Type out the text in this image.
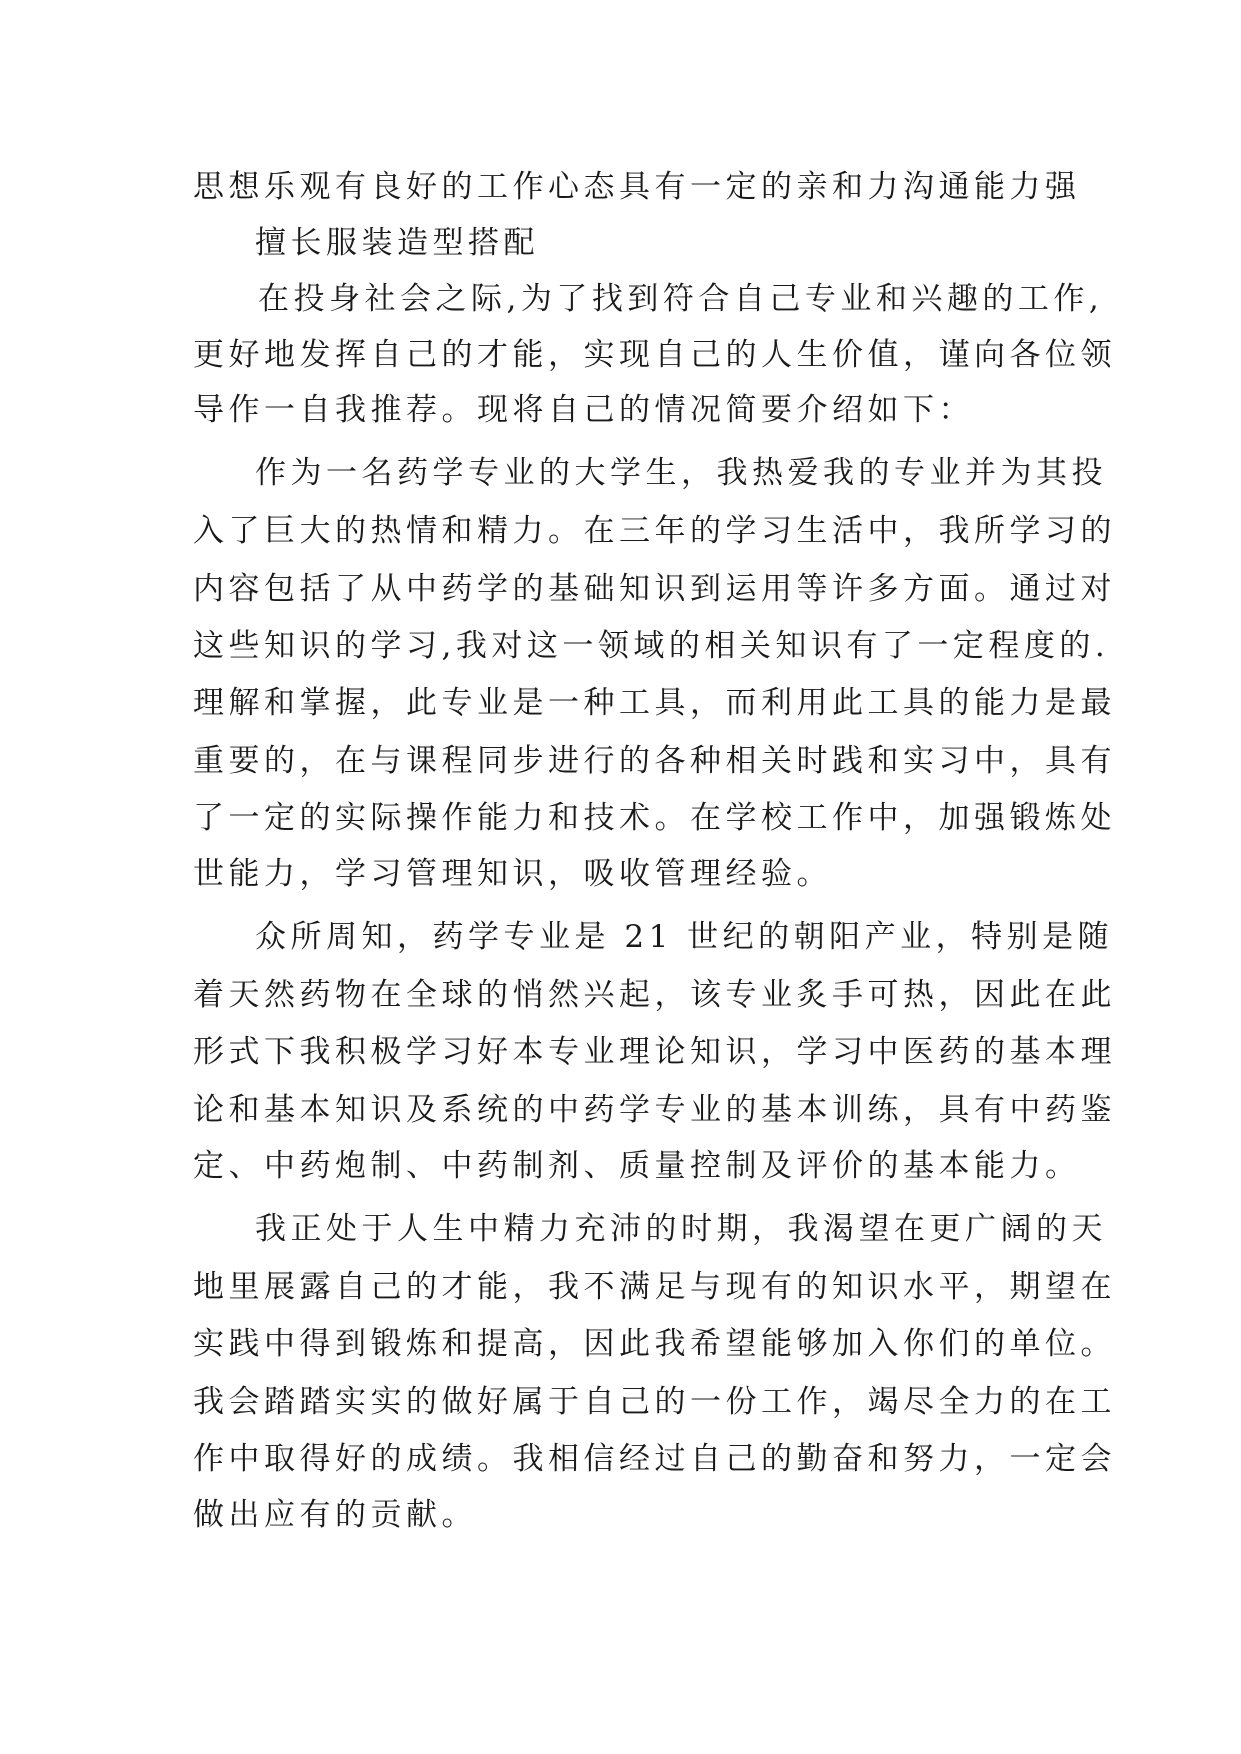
思想乐观有良好的工作心态具有一定的亲和力沟通能力强
擅长服装造型搭配
在投身社会之际,为了找到符合自己专业和兴趣的工作,
更好地发挥自己的才能，实现自己的人生价值，谨向各位领
导作一自我推荐。现将自己的情况简要介绍如下：
作为一名药学专业的大学生，我热爱我的专业并为其投
入了巨大的热情和精力。在三年的学习生活中，我所学习的
内容包括了从中药学的基础知识到运用等许多方面。通过对
这些知识的学习,我对这一领域的相关知识有了一定程度的.
理解和掌握，此专业是一种工具，而利用此工具的能力是最
重要的，在与课程同步进行的各种相关时践和实习中，具有
了一定的实际操作能力和技术。在学校工作中，加强锻炼处
世能力，学习管理知识，吸收管理经验。
众所周知，药学专业是 21 世纪的朝阳产业，特别是随
着天然药物在全球的悄然兴起，该专业炙手可热，因此在此
形式下我积极学习好本专业理论知识，学习中医药的基本理
论和基本知识及系统的中药学专业的基本训练，具有中药鉴
定、中药炮制、中药制剂、质量控制及评价的基本能力。
我正处于人生中精力充沛的时期，我渴望在更广阔的天
地里展露自己的才能，我不满足与现有的知识水平，期望在
实践中得到锻炼和提高，因此我希望能够加入你们的单位。
我会踏踏实实的做好属于自己的一份工作，竭尽全力的在工
作中取得好的成绩。我相信经过自己的勤奋和努力，一定会
做出应有的贡献。
